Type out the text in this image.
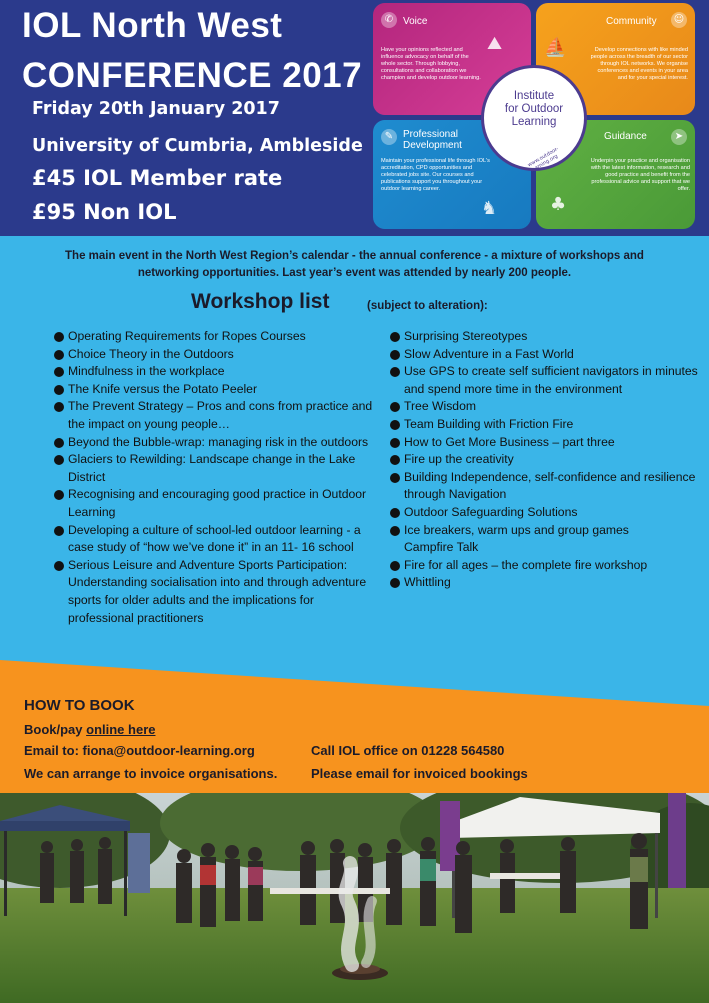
IOL North West
CONFERENCE 2017
Friday 20th January 2017
University of Cumbria, Ambleside
£45 IOL Member rate
£95 Non IOL
Voice
✆
Have your opinions reflected and influence advocacy on behalf of the whole sector. Through lobbying, consultations and collaboration we champion and develop outdoor learning.
⛰
Community ☺
Develop connections with like minded people across the breadth of our sector through IOL networks. We organise conferences and events in your area and for your special interest.
⛵
Professional
Development
✎
Maintain your professional life through IOL's accreditation, CPD opportunities and celebrated jobs site. Our courses and publications support you throughout your outdoor learning career.
♞
Guidance	➤
Underpin your practice and organisation with the latest information, research and good practice and benefit from the professional advice and support that we offer.
♣
Institute
for Outdoor
Learning
www.outdoor-learning.org
The main event in the North West Region’s calendar - the annual conference - a mixture of workshops and
networking opportunities. Last year’s event was attended by nearly 200 people.
Workshop list	(subject to alteration):
Operating Requirements for Ropes Courses
Choice Theory in the Outdoors
Mindfulness in the workplace
The Knife versus the Potato Peeler
The Prevent Strategy – Pros and cons from practice and the impact on young people…
Beyond the Bubble-wrap: managing risk in the outdoors
Glaciers to Rewilding: Landscape change in the Lake District
Recognising and encouraging good practice in Outdoor Learning
Developing a culture of school-led outdoor learning - a case study of “how we’ve done it” in an 11- 16 school
Serious Leisure and Adventure Sports Participation: Understanding socialisation into and through adventure sports for older adults and the implications for professional practitioners
Surprising Stereotypes
Slow Adventure in a Fast World
Use GPS to create self sufficient navigators in minutes and spend more time in the environment
Tree Wisdom
Team Building with Friction Fire
How to Get More Business – part three
Fire up the creativity
Building Independence, self-confidence and resilience through Navigation
Outdoor Safeguarding Solutions
Ice breakers, warm ups and group games
Campfire Talk
Fire for all ages – the complete fire workshop
Whittling
HOW TO BOOK
Book/pay online here
Email to: fiona@outdoor-learning.org	Call IOL office on 01228 564580
We can arrange to invoice organisations.	Please email for invoiced bookings
